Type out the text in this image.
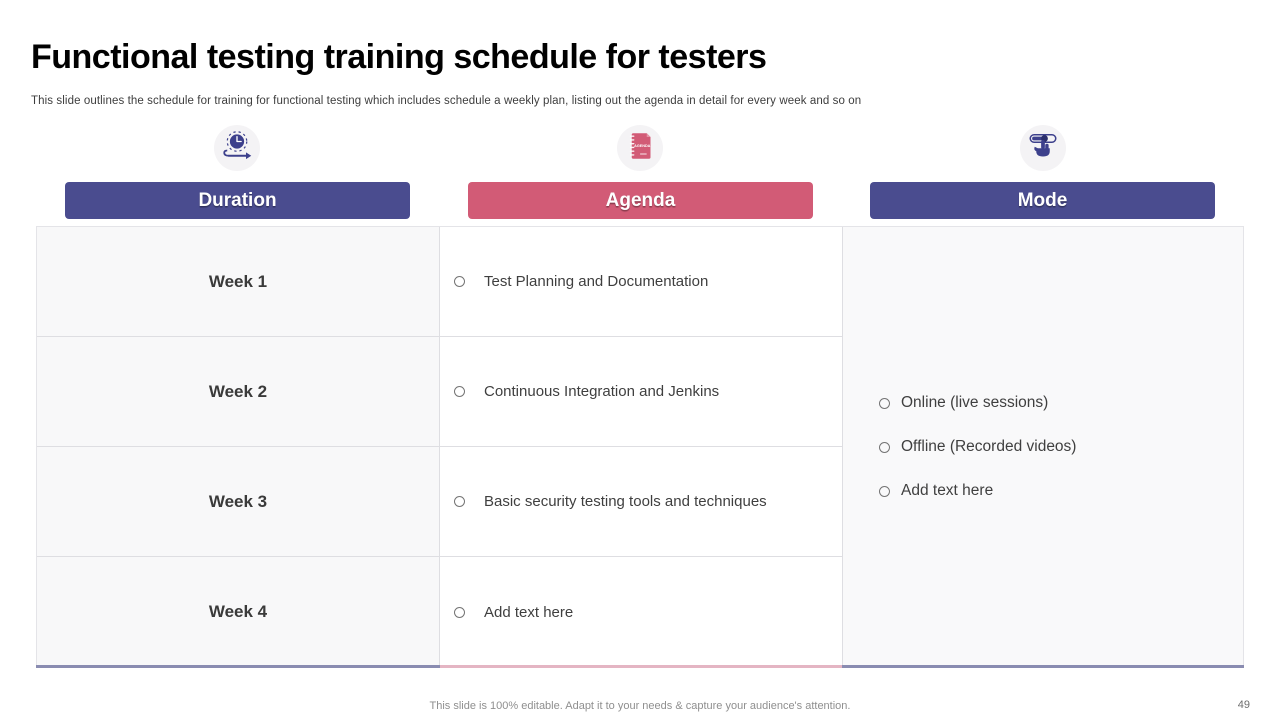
Functional testing training schedule for testers
This slide outlines the schedule for training for functional testing which includes schedule a weekly plan, listing out the agenda in detail for every week and so on
AGENDA
Duration	Agenda	Mode
Week 1	Test Planning and Documentation
Week 2	Continuous Integration and Jenkins
Week 3	Basic security testing tools and techniques
Week 4	Add text here
Online (live sessions)
Offline (Recorded videos)
Add text here
This slide is 100% editable. Adapt it to your needs & capture your audience's attention.	49
